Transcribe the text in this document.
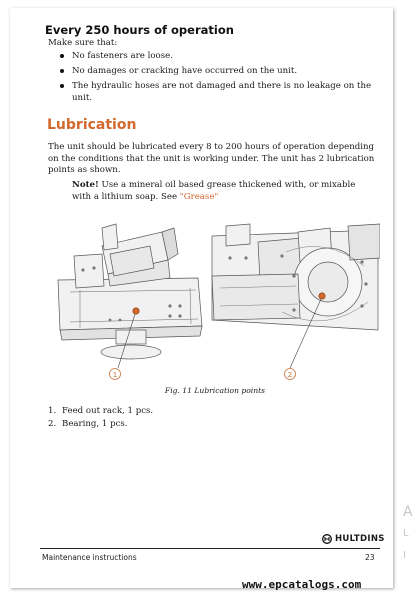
Every 250 hours of operation
Make sure that:
No fasteners are loose.
No damages or cracking have occurred on the unit.
The hydraulic hoses are not damaged and there is no leakage on the unit.
Lubrication
The unit should be lubricated every 8 to 200 hours of operation depending on the conditions that the unit is working under. The unit has 2 lubrication points as shown.
Note! Use a mineral oil based grease thickened with, or mixable with a lithium soap. See "Grease"
1	2
Fig. 11 Lubrication points
1. Feed out rack, 1 pcs.
2. Bearing, 1 pcs.
HULTDINS
Maintenance instructions	23
A
L
I
www.epcatalogs.com
